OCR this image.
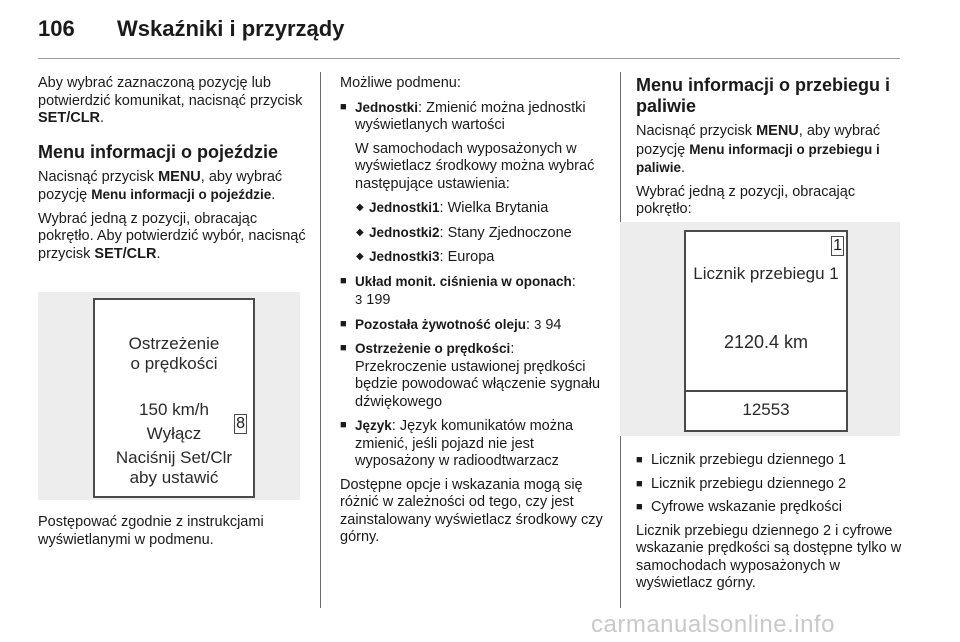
106 Wskaźniki i przyrządy

Aby wybrać zaznaczoną pozycję lub potwierdzić komunikat, nacisnąć przycisk SET/CLR.

Menu informacji o pojeździe

Nacisnąć przycisk MENU, aby wybrać pozycję Menu informacji o pojeździe.

Wybrać jedną z pozycji, obracając pokrętło. Aby potwierdzić wybór, nacisnąć przycisk SET/CLR.

Ostrzeżenie
o prędkości
150 km/h
Wyłącz
Naciśnij Set/Clr
aby ustawić
8

Postępować zgodnie z instrukcjami wyświetlanymi w podmenu.

Możliwe podmenu:

■ Jednostki: Zmienić można jednostki wyświetlanych wartości
W samochodach wyposażonych w wyświetlacz środkowy można wybrać następujące ustawienia:
◆ Jednostki1: Wielka Brytania
◆ Jednostki2: Stany Zjednoczone
◆ Jednostki3: Europa
■ Układ monit. ciśnienia w oponach:
3 199
■ Pozostała żywotność oleju: 3 94
■ Ostrzeżenie o prędkości: Przekroczenie ustawionej prędkości będzie powodować włączenie sygnału dźwiękowego
■ Język: Język komunikatów można zmienić, jeśli pojazd nie jest wyposażony w radioodtwarzacz

Dostępne opcje i wskazania mogą się różnić w zależności od tego, czy jest zainstalowany wyświetlacz środkowy czy górny.

Menu informacji o przebiegu i paliwie

Nacisnąć przycisk MENU, aby wybrać pozycję Menu informacji o przebiegu i paliwie.

Wybrać jedną z pozycji, obracając pokrętło:

1
Licznik przebiegu 1
2120.4 km
12553
■ Licznik przebiegu dziennego 1
■ Licznik przebiegu dziennego 2
■ Cyfrowe wskazanie prędkości

Licznik przebiegu dziennego 2 i cyfrowe wskazanie prędkości są dostępne tylko w samochodach wyposażonych w wyświetlacz górny.

carmanualsonline.info
